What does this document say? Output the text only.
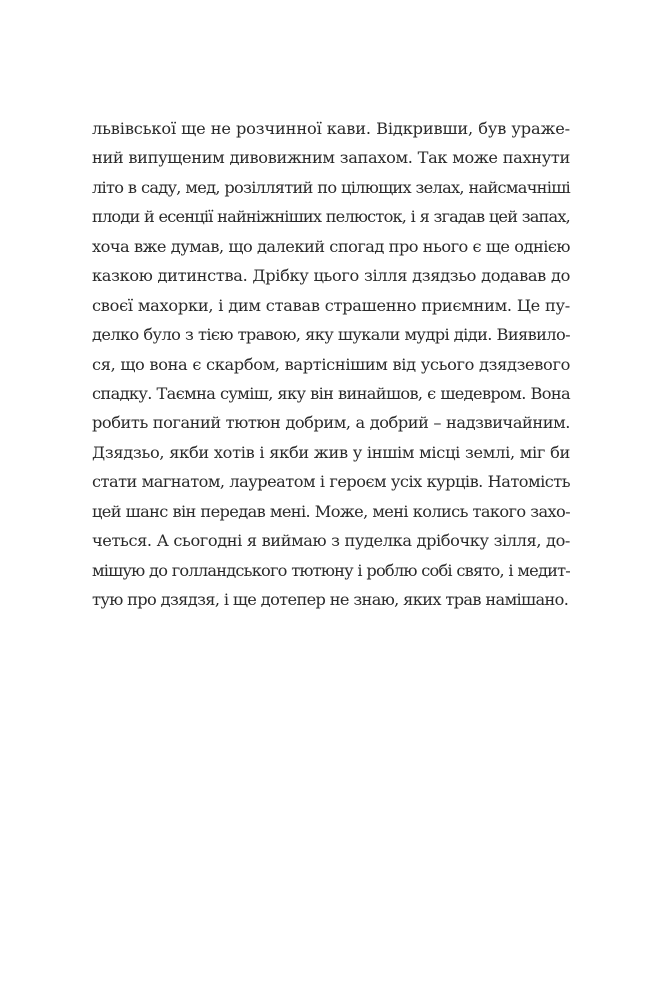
львівської ще не розчинної кави. Відкривши, був ураже-
ний випущеним дивовижним запахом. Так може пахнути
літо в саду, мед, розіллятий по цілющих зелах, найсмачніші
плоди й есенції найніжніших пелюсток, і я згадав цей запах,
хоча вже думав, що далекий спогад про нього є ще однією
казкою дитинства. Дрібку цього зілля дзядзьо додавав до
своєї махорки, і дим ставав страшенно приємним. Це пу-
делко було з тією травою, яку шукали мудрі діди. Виявило-
ся, що вона є скарбом, вартіснішим від усього дзядзевого
спадку. Таємна суміш, яку він винайшов, є шедевром. Вона
робить поганий тютюн добрим, а добрий – надзвичайним.
Дзядзьо, якби хотів і якби жив у іншім місці землі, міг би
стати магнатом, лауреатом і героєм усіх курців. Натомість
цей шанс він передав мені. Може, мені колись такого захо-
четься. А сьогодні я виймаю з пуделка дрібочку зілля, до-
мішую до голландського тютюну і роблю собі свято, і медит-
тую про дзядзя, і ще дотепер не знаю, яких трав намішано.
